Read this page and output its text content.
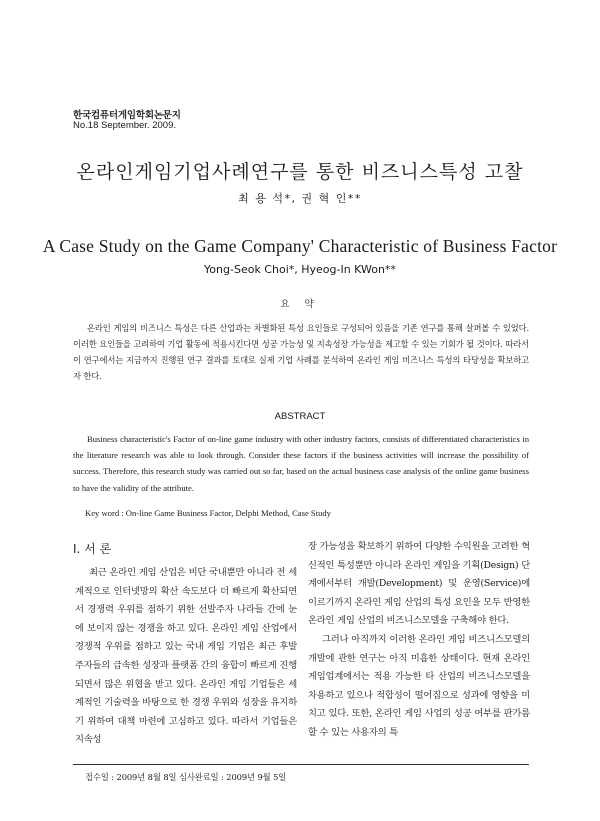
한국컴퓨터게임학회논문지
No.18 September. 2009.
온라인게임기업사례연구를 통한 비즈니스특성 고찰
최 용 석*, 권 혁 인**
A Case Study on the Game Company' Characteristic of Business Factor
Yong-Seok Choi*, Hyeog-In KWon**
요 약

온라인 게임의 비즈니스 특성은 다른 산업과는 차별화된 특성 요인들로 구성되어 있음을 기존 연구를 통해 살펴볼 수 있었다. 이러한 요인들을 고려하여 기업 활동에 적용시킨다면 성공 가능성 및 지속성장 가능성을 제고할 수 있는 기회가 될 것이다. 따라서 이 연구에서는 지금까지 진행된 연구 결과를 토대로 실제 기업 사례를 분석하여 온라인 게임 비즈니스 특성의 타당성을 확보하고자 한다.

ABSTRACT

Business characteristic's Factor of on-line game industry with other industry factors, consists of differentiated characteristics in the literature research was able to look through. Consider these factors if the business activities will increase the possibility of success. Therefore, this research study was carried out so far, based on the actual business case analysis of the online game business to have the validity of the attribute.

Key word : On-line Game Business Factor, Delphi Method, Case Study
Ⅰ. 서 론

최근 온라인 게임 산업은 비단 국내뿐만 아니라 전 세계적으로 인터넷망의 확산 속도보다 더 빠르게 확산되면서 경쟁력 우위를 점하기 위한 선발주자 나라들 간에 눈에 보이지 않는 경쟁을 하고 있다. 온라인 게임 산업에서 경쟁적 우위를 점하고 있는 국내 게임 기업은 최근 후발 주자들의 급속한 성장과 플랫폼 간의 융합이 빠르게 진행되면서 많은 위협을 받고 있다. 온라인 게임 기업들은 세계적인 기술력을 바탕으로 한 경쟁 우위와 성장을 유지하기 위하여 대책 마련에 고심하고 있다. 따라서 기업들은 지속성

장 가능성을 확보하기 위하여 다양한 수익원을 고려한 혁신적인 특성뿐만 아니라 온라인 게임을 기획(Design) 단계에서부터 개발(Development) 및 운영(Service)에 이르기까지 온라인 게임 산업의 특성 요인을 모두 반영한 온라인 게임 산업의 비즈니스모델을 구축해야 한다.

그러나 아직까지 이러한 온라인 게임 비즈니스모델의 개발에 관한 연구는 아직 미흡한 상태이다. 현재 온라인 게임업계에서는 적용 가능한 타 산업의 비즈니스모델을 차용하고 있으나 적합성이 떨어짐으로 성과에 영향을 미치고 있다. 또한, 온라인 게임 사업의 성공 여부를 판가름 할 수 있는 사용자의 특

접수일 : 2009년 8월 8일 심사완료일 : 2009년 9월 5일
